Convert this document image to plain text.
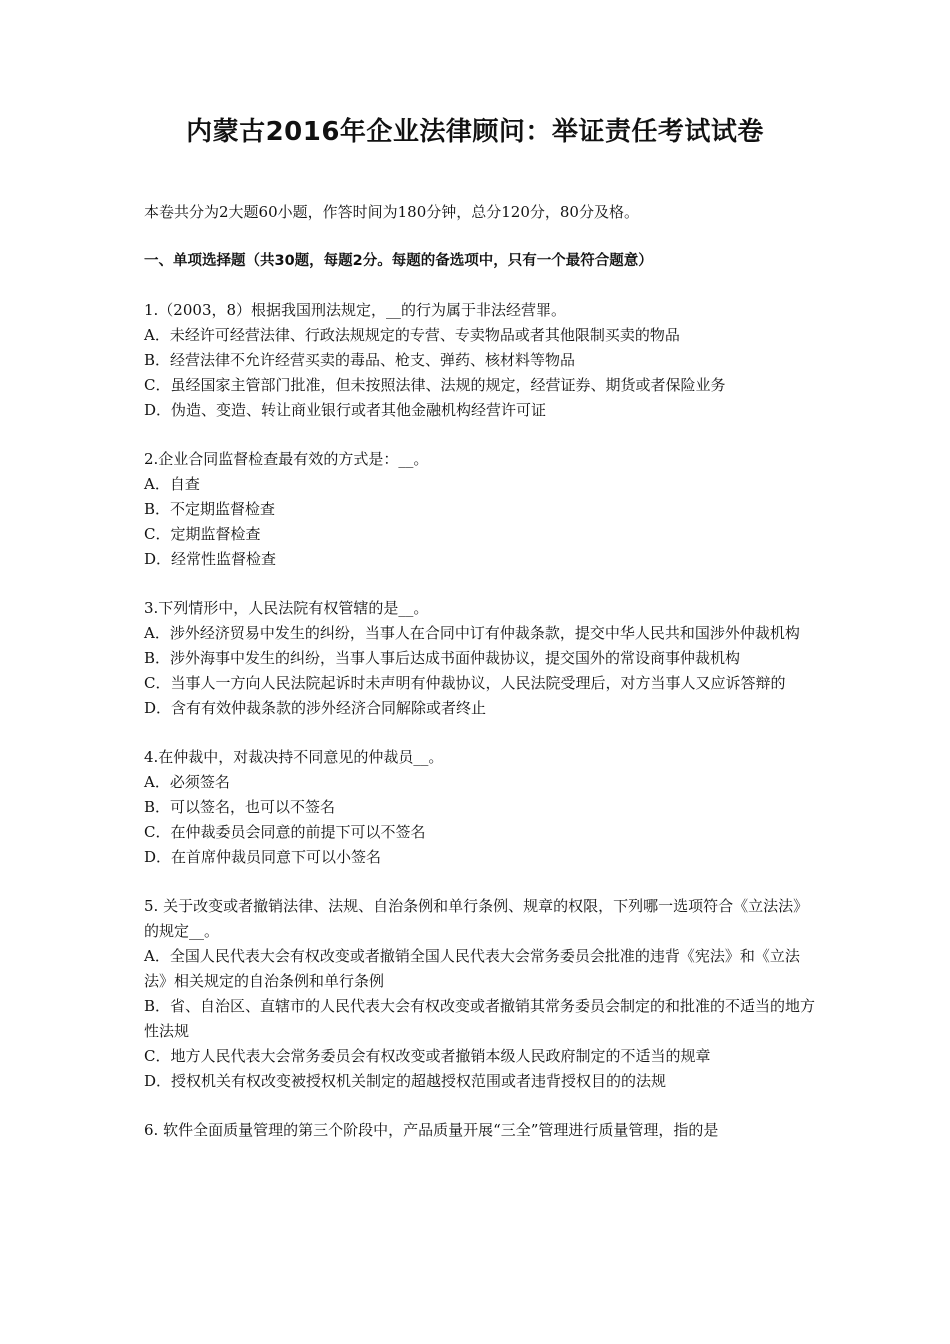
内蒙古2016年企业法律顾问：举证责任考试试卷
本卷共分为2大题60小题，作答时间为180分钟，总分120分，80分及格。
一、单项选择题（共30题，每题2分。每题的备选项中，只有一个最符合题意）
1.（2003，8）根据我国刑法规定，__的行为属于非法经营罪。
A．未经许可经营法律、行政法规规定的专营、专卖物品或者其他限制买卖的物品
B．经营法律不允许经营买卖的毒品、枪支、弹药、核材料等物品
C．虽经国家主管部门批准，但未按照法律、法规的规定，经营证券、期货或者保险业务
D．伪造、变造、转让商业银行或者其他金融机构经营许可证
2.企业合同监督检查最有效的方式是：__。
A．自查
B．不定期监督检查
C．定期监督检查
D．经常性监督检查
3.下列情形中，人民法院有权管辖的是__。
A．涉外经济贸易中发生的纠纷，当事人在合同中订有仲裁条款，提交中华人民共和国涉外仲裁机构
B．涉外海事中发生的纠纷，当事人事后达成书面仲裁协议，提交国外的常设商事仲裁机构
C．当事人一方向人民法院起诉时未声明有仲裁协议，人民法院受理后，对方当事人又应诉答辩的
D．含有有效仲裁条款的涉外经济合同解除或者终止
4.在仲裁中，对裁决持不同意见的仲裁员__。
A．必须签名
B．可以签名，也可以不签名
C．在仲裁委员会同意的前提下可以不签名
D．在首席仲裁员同意下可以小签名
5. 关于改变或者撤销法律、法规、自治条例和单行条例、规章的权限，下列哪一选项符合《立法法》的规定__。
A．全国人民代表大会有权改变或者撤销全国人民代表大会常务委员会批准的违背《宪法》和《立法法》相关规定的自治条例和单行条例
B．省、自治区、直辖市的人民代表大会有权改变或者撤销其常务委员会制定的和批准的不适当的地方性法规
C．地方人民代表大会常务委员会有权改变或者撤销本级人民政府制定的不适当的规章
D．授权机关有权改变被授权机关制定的超越授权范围或者违背授权目的的法规
6. 软件全面质量管理的第三个阶段中，产品质量开展“三全”管理进行质量管理，指的是
